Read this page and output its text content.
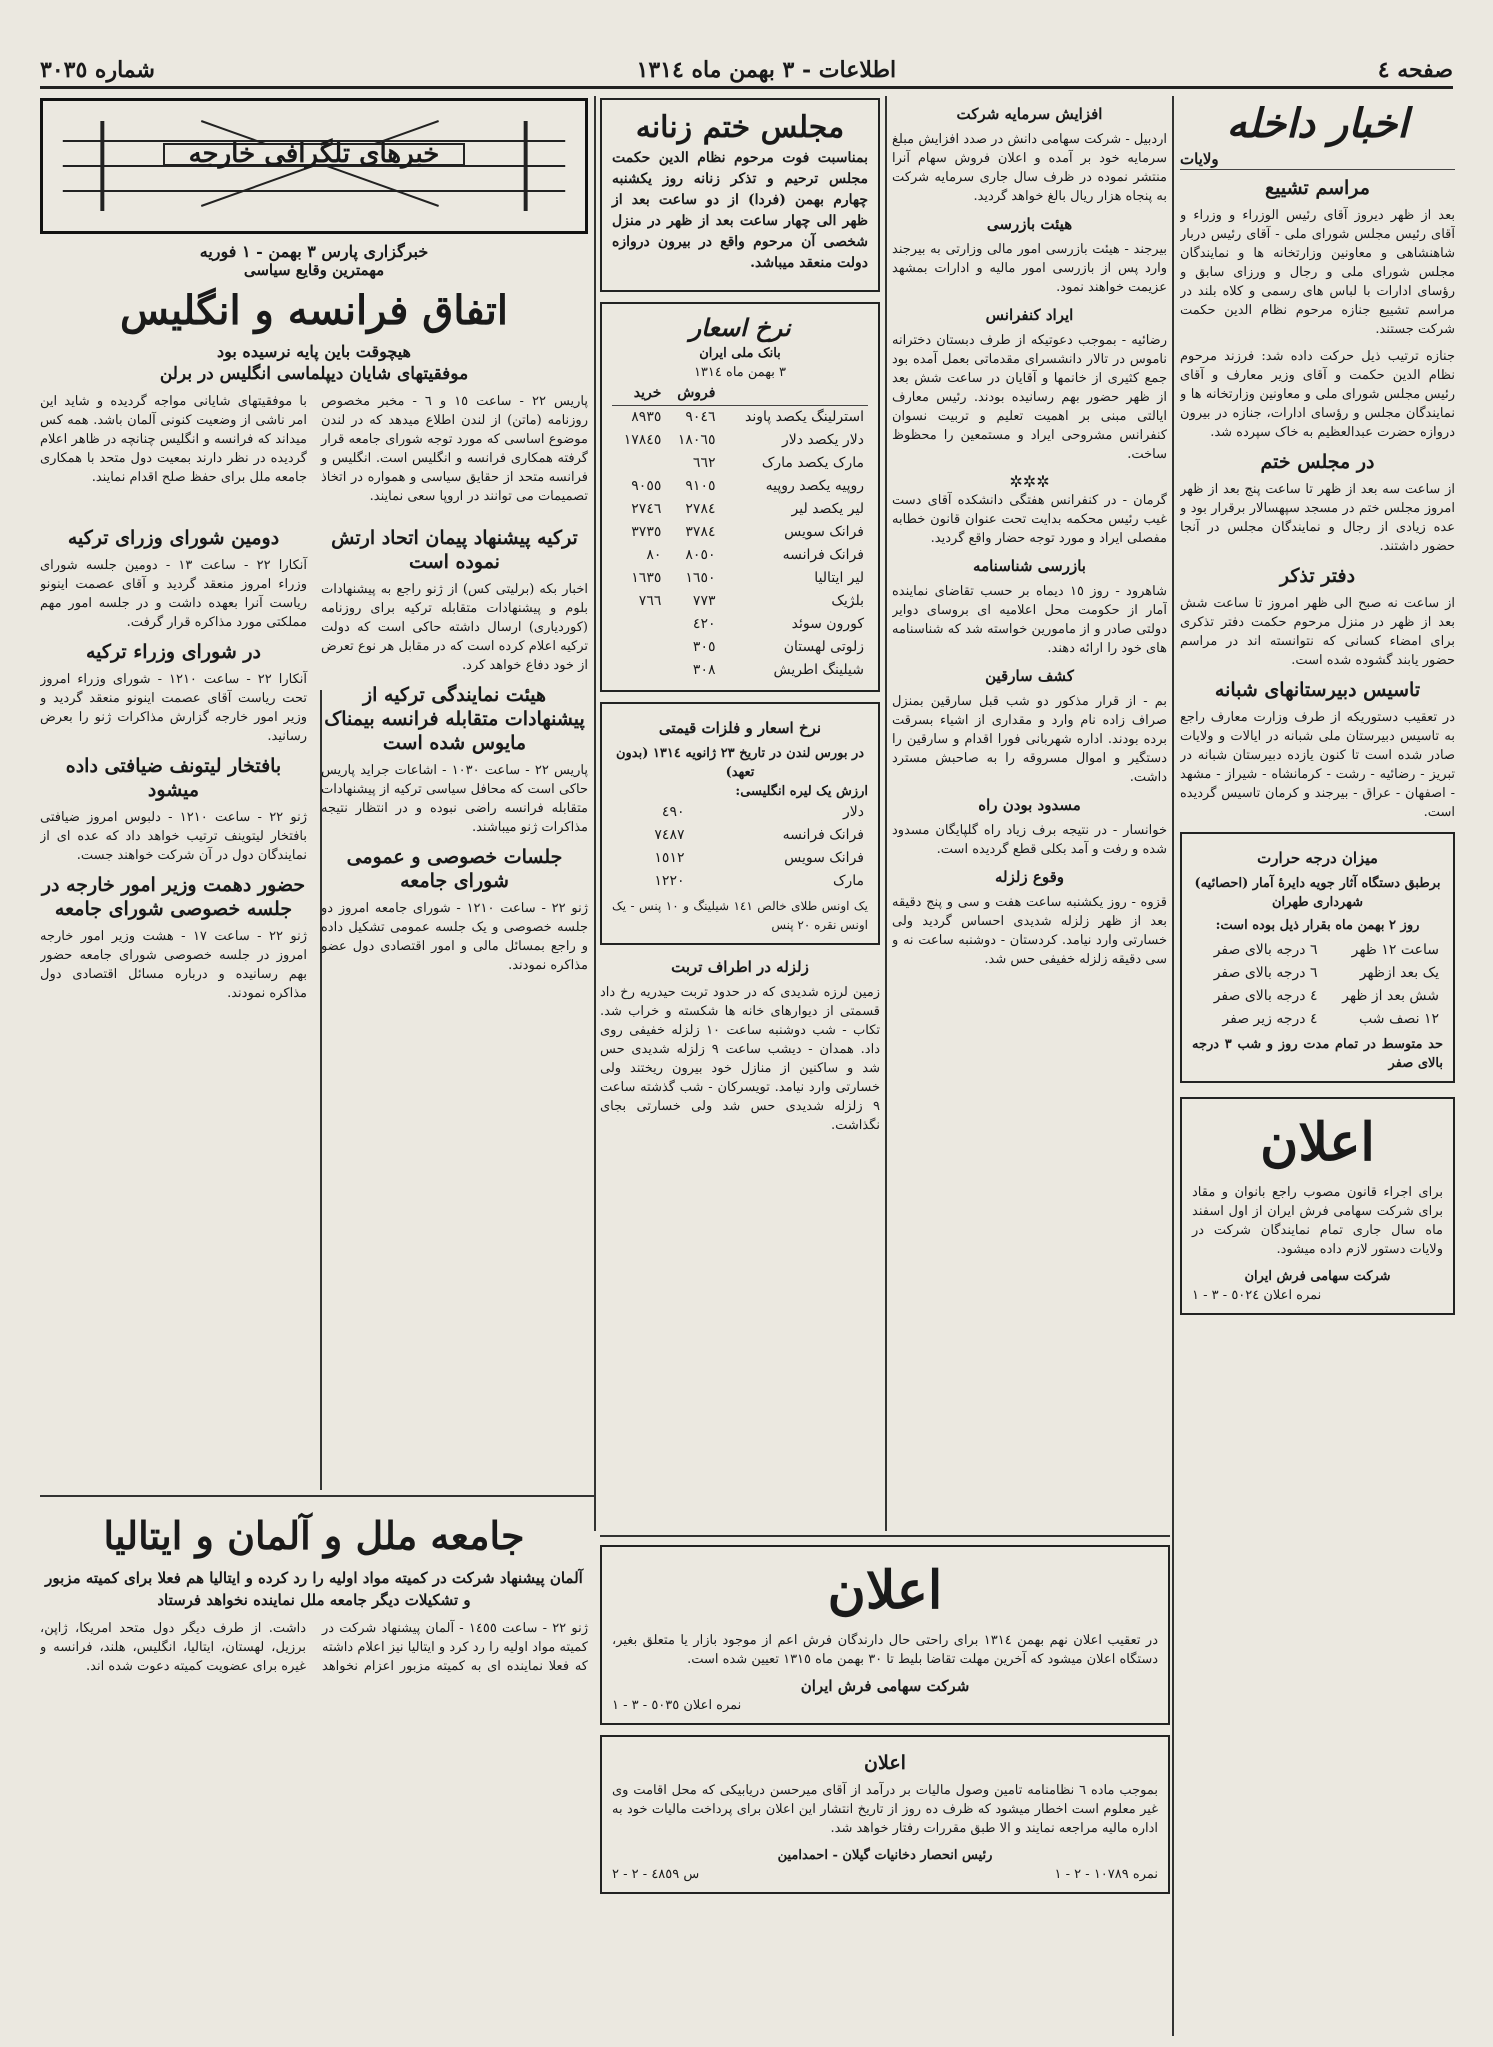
صفحه ٤
اطلاعات - ٣ بهمن ماه ١٣١٤
شماره ٣٠٣٥
اخبار داخله
ولایات
مراسم تشییع

بعد از ظهر دیروز آقای رئیس الوزراء و وزراء و آقای رئیس مجلس شورای ملی - آقای رئیس دربار شاهنشاهی و معاونین وزارتخانه ها و نمایندگان مجلس شورای ملی و رجال و ورزای سابق و رؤسای ادارات با لباس های رسمی و کلاه بلند در مراسم تشییع جنازه مرحوم نظام الدین حکمت شرکت جستند.

جنازه ترتیب ذیل حرکت داده شد: فرزند مرحوم نظام الدین حکمت و آقای وزیر معارف و آقای رئیس مجلس شورای ملی و معاونین وزارتخانه ها و نمایندگان مجلس و رؤسای ادارات، جنازه در بیرون دروازه حضرت عبدالعظیم به خاک سپرده شد.

در مجلس ختم

از ساعت سه بعد از ظهر تا ساعت پنج بعد از ظهر امروز مجلس ختم در مسجد سپهسالار برقرار بود و عده زیادی از رجال و نمایندگان مجلس در آنجا حضور داشتند.

دفتر تذکر

از ساعت نه صبح الی ظهر امروز تا ساعت شش بعد از ظهر در منزل مرحوم حکمت دفتر تذکری برای امضاء کسانی که نتوانسته اند در مراسم حضور یابند گشوده شده است.

تاسیس دبیرستانهای شبانه

در تعقیب دستوریکه از طرف وزارت معارف راجع به تاسیس دبیرستان ملی شبانه در ایالات و ولایات صادر شده است تا کنون یازده دبیرستان شبانه در تبریز - رضائیه - رشت - کرمانشاه - شیراز - مشهد - اصفهان - عراق - بیرجند و کرمان تاسیس گردیده است.

میزان درجه حرارت
برطبق دستگاه آثار جویه دایرهٔ آمار (احصائیه) شهرداری طهران
روز ٢ بهمن ماه بقرار ذیل بوده است:
ساعت ١٢ ظهر	٦ درجه بالای صفر
یک بعد ازظهر	٦ درجه بالای صفر
شش بعد از ظهر	٤ درجه بالای صفر
١٢ نصف شب	٤ درجه زیر صفر
حد متوسط در تمام مدت روز و شب ٣ درجه بالای صفر
اعلان

برای اجراء قانون مصوب راجع بانوان و مقاد برای شرکت سهامی فرش ایران از اول اسفند ماه سال جاری تمام نمایندگان شرکت در ولایات دستور لازم داده میشود.

شرکت سهامی فرش ایران
نمره اعلان ٥٠٢٤ - ٣ - ١
افزایش سرمایه شرکت

اردبیل - شرکت سهامی دانش در صدد افزایش مبلغ سرمایه خود بر آمده و اعلان فروش سهام آنرا منتشر نموده در ظرف سال جاری سرمایه شرکت به پنجاه هزار ریال بالغ خواهد گردید.

هیئت بازرسی

بیرجند - هیئت بازرسی امور مالی وزارتی به بیرجند وارد پس از بازرسی امور مالیه و ادارات بمشهد عزیمت خواهند نمود.

ایراد کنفرانس

رضائیه - بموجب دعوتیکه از طرف دبستان دخترانه ناموس در تالار دانشسرای مقدماتی بعمل آمده بود جمع کثیری از خانمها و آقایان در ساعت شش بعد از ظهر حضور بهم رسانیده بودند. رئیس معارف ایالتی مبنی بر اهمیت تعلیم و تربیت نسوان کنفرانس مشروحی ایراد و مستمعین را محظوظ ساخت.

✲✲✲

گرمان - در کنفرانس هفتگی دانشکده آقای دست غیب رئیس محکمه بدایت تحت عنوان قانون خطابه مفصلی ایراد و مورد توجه حضار واقع گردید.

بازرسی شناسنامه

شاهرود - روز ١٥ دیماه بر حسب تقاضای نماینده آمار از حکومت محل اعلامیه ای بروسای دوایر دولتی صادر و از مامورین خواسته شد که شناسنامه های خود را ارائه دهند.

کشف سارقین

بم - از قرار مذکور دو شب قبل سارقین بمنزل صراف زاده نام وارد و مقداری از اشیاء بسرقت برده بودند. اداره شهربانی فورا اقدام و سارقین را دستگیر و اموال مسروقه را به صاحبش مسترد داشت.

مسدود بودن راه

خوانسار - در نتیجه برف زیاد راه گلپایگان مسدود شده و رفت و آمد بکلی قطع گردیده است.

وقوع زلزله

قزوه - روز یکشنبه ساعت هفت و سی و پنج دقیقه بعد از ظهر زلزله شدیدی احساس گردید ولی خسارتی وارد نیامد. کردستان - دوشنبه ساعت نه و سی دقیقه زلزله خفیفی حس شد.

مجلس ختم زنانه

بمناسبت فوت مرحوم نظام الدین حکمت مجلس ترحیم و تذکر زنانه روز یکشنبه چهارم بهمن (فردا) از دو ساعت بعد از ظهر الی چهار ساعت بعد از ظهر در منزل شخصی آن مرحوم واقع در بیرون دروازه دولت منعقد میباشد.

نرخ اسعار
بانک ملی ایران
٣ بهمن ماه ١٣١٤
	فروش	خرید
استرلینگ یکصد پاوند	٩٠٤٦	٨٩٣٥
دلار یکصد دلار	١٨٠٦٥	١٧٨٤٥
مارک یکصد مارک	٦٦٢	
روپیه یکصد روپیه	٩١٠٥	٩٠٥٥
لیر یکصد لیر	٢٧٨٤	٢٧٤٦
فرانک سویس	٣٧٨٤	٣٧٣٥
فرانک فرانسه	٨٠٥٠	٨٠
لیر ایتالیا	١٦٥٠	١٦٣٥
بلژیک	٧٧٣	٧٦٦
کورون سوئد	٤٢٠	
زلوتی لهستان	٣٠٥	
شیلینگ اطریش	٣٠٨	
نرخ اسعار و فلزات قیمتی
در بورس لندن در تاریخ ٢٣ ژانویه ١٣١٤ (بدون تعهد)
ارزش یک لیره انگلیسی:
دلار	٤٩٠
فرانک فرانسه	٧٤٨٧
فرانک سویس	١٥١٢
مارک	١٢٢٠
یک اونس طلای خالص ١٤١ شیلینگ و ١٠ پنس - یک اونس نقره ٢٠ پنس
زلزله در اطراف تربت

زمین لرزه شدیدی که در حدود تربت حیدریه رخ داد قسمتی از دیوارهای خانه ها شکسته و خراب شد. تکاب - شب دوشنبه ساعت ١٠ زلزله خفیفی روی داد. همدان - دیشب ساعت ٩ زلزله شدیدی حس شد و ساکنین از منازل خود بیرون ریختند ولی خسارتی وارد نیامد. تویسرکان - شب گذشته ساعت ٩ زلزله شدیدی حس شد ولی خسارتی بجای نگذاشت.

خبرهای تلگرافی خارجه
خبرگزاری پارس ٣ بهمن - ١ فوریه
مهمترین وقایع سیاسی
اتفاق فرانسه و انگلیس
هیچوقت باین پایه نرسیده بود
موفقیتهای شایان دیپلماسی انگلیس در برلن

پاریس ٢٢ - ساعت ١٥ و ٦ - مخبر مخصوص روزنامه (ماتن) از لندن اطلاع میدهد که در لندن موضوع اساسی که مورد توجه شورای جامعه قرار گرفته همکاری فرانسه و انگلیس است. انگلیس و فرانسه متحد از حقایق سیاسی و همواره در اتخاذ تصمیمات می توانند در اروپا سعی نمایند.

با موفقیتهای شایانی مواجه گردیده و شاید این امر ناشی از وضعیت کنونی آلمان باشد. همه کس میداند که فرانسه و انگلیس چنانچه در ظاهر اعلام گردیده در نظر دارند بمعیت دول متحد با همکاری جامعه ملل برای حفظ صلح اقدام نمایند.

ترکیه پیشنهاد پیمان اتحاد ارتش نموده است

اخبار بکه (برلیتی کس) از ژنو راجع به پیشنهادات بلوم و پیشنهادات متقابله ترکیه برای روزنامه (کوردیاری) ارسال داشته حاکی است که دولت ترکیه اعلام کرده است که در مقابل هر نوع تعرض از خود دفاع خواهد کرد.

هیئت نمایندگی ترکیه از پیشنهادات متقابله فرانسه بیمناک مایوس شده است

پاریس ٢٢ - ساعت ١٠٣٠ - اشاعات جراید پاریس حاکی است که محافل سیاسی ترکیه از پیشنهادات متقابله فرانسه راضی نبوده و در انتظار نتیجه مذاکرات ژنو میباشند.

جلسات خصوصی و عمومی شورای جامعه

ژنو ٢٢ - ساعت ١٢١٠ - شورای جامعه امروز دو جلسه خصوصی و یک جلسه عمومی تشکیل داده و راجع بمسائل مالی و امور اقتصادی دول عضو مذاکره نمودند.

دومین شورای وزرای ترکیه

آنکارا ٢٢ - ساعت ١٣ - دومین جلسه شورای وزراء امروز منعقد گردید و آقای عصمت اینونو ریاست آنرا بعهده داشت و در جلسه امور مهم مملکتی مورد مذاکره قرار گرفت.

در شورای وزراء ترکیه

آنکارا ٢٢ - ساعت ١٢١٠ - شورای وزراء امروز تحت ریاست آقای عصمت اینونو منعقد گردید و وزیر امور خارجه گزارش مذاکرات ژنو را بعرض رسانید.

بافتخار لیتونف ضیافتی داده میشود

ژنو ٢٢ - ساعت ١٢١٠ - دلبوس امروز ضیافتی بافتخار لیتوینف ترتیب خواهد داد که عده ای از نمایندگان دول در آن شرکت خواهند جست.

حضور دهمت وزیر امور خارجه در جلسه خصوصی شورای جامعه

ژنو ٢٢ - ساعت ١٧ - هشت وزیر امور خارجه امروز در جلسه خصوصی شورای جامعه حضور بهم رسانیده و درباره مسائل اقتصادی دول مذاکره نمودند.

جامعه ملل و آلمان و ایتالیا
آلمان پیشنهاد شرکت در کمیته مواد اولیه را رد کرده و ایتالیا هم فعلا برای کمیته مزبور و تشکیلات دیگر جامعه ملل نماینده نخواهد فرستاد

ژنو ٢٢ - ساعت ١٤٥٥ - آلمان پیشنهاد شرکت در کمیته مواد اولیه را رد کرد و ایتالیا نیز اعلام داشته که فعلا نماینده ای به کمیته مزبور اعزام نخواهد داشت. از طرف دیگر دول متحد امریکا، ژاپن، برزیل، لهستان، ایتالیا، انگلیس، هلند، فرانسه و غیره برای عضویت کمیته دعوت شده اند.

اعلان

در تعقیب اعلان نهم بهمن ١٣١٤ برای راحتی حال دارندگان فرش اعم از موجود بازار یا متعلق بغیر، دستگاه اعلان میشود که آخرین مهلت تقاضا بلیط تا ٣٠ بهمن ماه ١٣١٥ تعیین شده است.

شرکت سهامی فرش ایران
نمره اعلان ٥٠٣٥ - ٣ - ١
اعلان

بموجب ماده ٦ نظامنامه تامین وصول مالیات بر درآمد از آقای میرحسن دریابیکی که محل اقامت وی غیر معلوم است اخطار میشود که ظرف ده روز از تاریخ انتشار این اعلان برای پرداخت مالیات خود به اداره مالیه مراجعه نمایند و الا طبق مقررات رفتار خواهد شد.

رئیس انحصار دخانیات گیلان - احمدامین
نمره ١٠٧٨٩ - ٢ - ١
س ٤٨٥٩ - ٢ - ٢
